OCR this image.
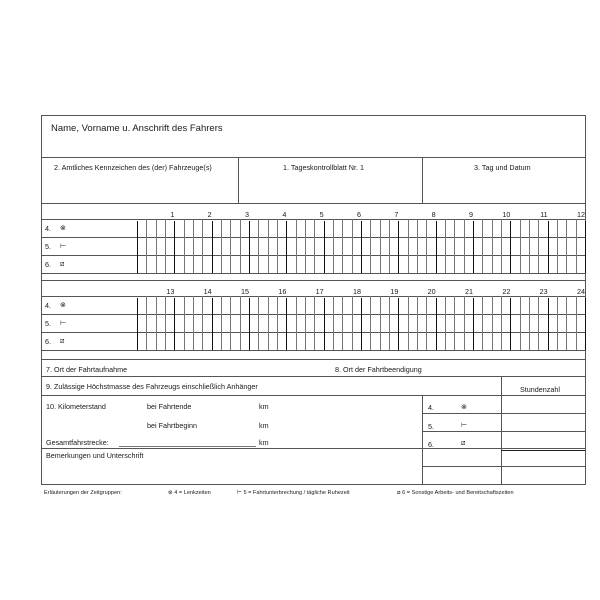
Name, Vorname u. Anschrift des Fahrers
2. Amtliches Kennzeichen des (der) Fahrzeuge(s)	1. Tageskontrollblatt Nr. 1	3. Tag und Datum
1	2	3	4	5	6	7	8	9	10	11	12
4. ⊗
5. ⊢
6. ⧄
13	14	15	16	17	18	19	20	21	22	23	24
4. ⊗
5. ⊢
6. ⧄
7. Ort der Fahrtaufnahme	8. Ort der Fahrtbeendigung
9. Zulässige Höchstmasse des Fahrzeugs einschließlich Anhänger	Stundenzahl
10. Kilometerstand	bei Fahrtende	km
bei Fahrtbeginn	km
Gesamtfahrstrecke:	km
4.	⊗
5.	⊢
6.	⧄
Bemerkungen und Unterschrift
Erläuterungen der Zeitgruppen:	⊗ 4 = Lenkzeiten	⊢ 5 = Fahrtunterbrechung / tägliche Ruhezeit	⧄ 6 = Sonstige Arbeits- und Bereitschaftszeiten
